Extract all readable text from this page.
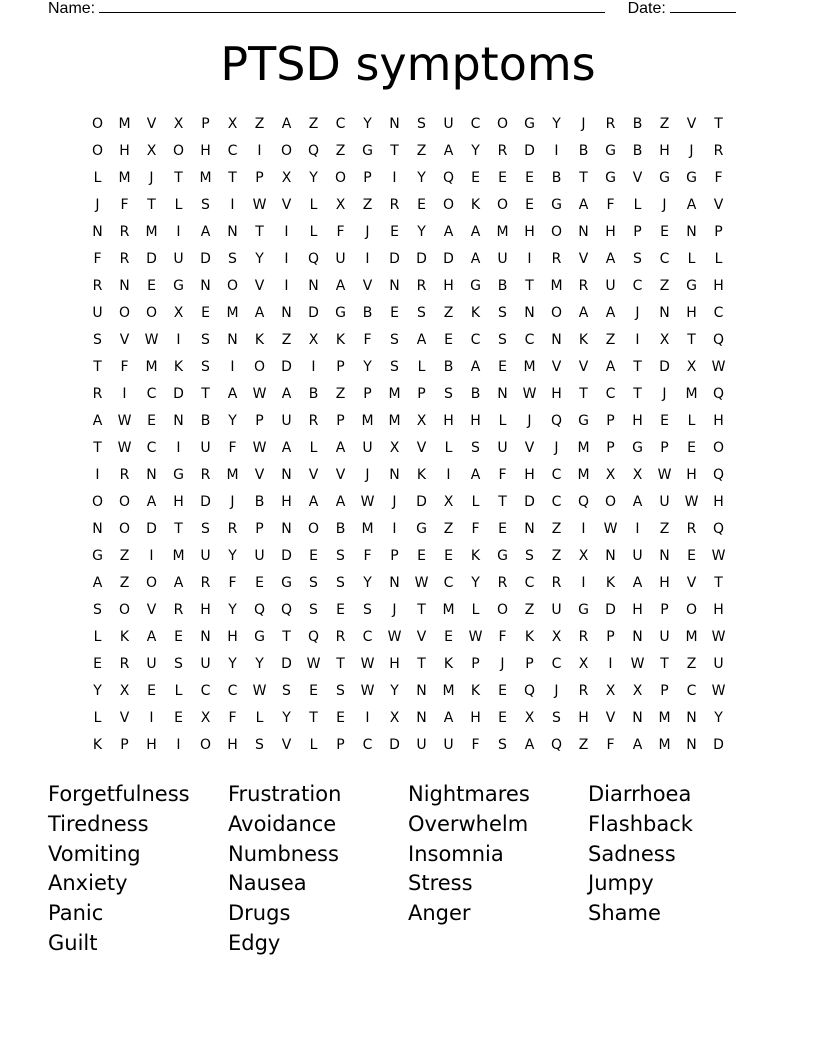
Name:	Date:
PTSD symptoms
O	M	V	X	P	X	Z	A	Z	C	Y	N	S	U	C	O	G	Y	J	R	B	Z	V	T
O	H	X	O	H	C	I	O	Q	Z	G	T	Z	A	Y	R	D	I	B	G	B	H	J	R
L	M	J	T	M	T	P	X	Y	O	P	I	Y	Q	E	E	E	B	T	G	V	G	G	F
J	F	T	L	S	I	W	V	L	X	Z	R	E	O	K	O	E	G	A	F	L	J	A	V
N	R	M	I	A	N	T	I	L	F	J	E	Y	A	A	M	H	O	N	H	P	E	N	P
F	R	D	U	D	S	Y	I	Q	U	I	D	D	D	A	U	I	R	V	A	S	C	L	L
R	N	E	G	N	O	V	I	N	A	V	N	R	H	G	B	T	M	R	U	C	Z	G	H
U	O	O	X	E	M	A	N	D	G	B	E	S	Z	K	S	N	O	A	A	J	N	H	C
S	V	W	I	S	N	K	Z	X	K	F	S	A	E	C	S	C	N	K	Z	I	X	T	Q
T	F	M	K	S	I	O	D	I	P	Y	S	L	B	A	E	M	V	V	A	T	D	X	W
R	I	C	D	T	A	W	A	B	Z	P	M	P	S	B	N	W	H	T	C	T	J	M	Q
A	W	E	N	B	Y	P	U	R	P	M	M	X	H	H	L	J	Q	G	P	H	E	L	H
T	W	C	I	U	F	W	A	L	A	U	X	V	L	S	U	V	J	M	P	G	P	E	O
I	R	N	G	R	M	V	N	V	V	J	N	K	I	A	F	H	C	M	X	X	W	H	Q
O	O	A	H	D	J	B	H	A	A	W	J	D	X	L	T	D	C	Q	O	A	U	W	H
N	O	D	T	S	R	P	N	O	B	M	I	G	Z	F	E	N	Z	I	W	I	Z	R	Q
G	Z	I	M	U	Y	U	D	E	S	F	P	E	E	K	G	S	Z	X	N	U	N	E	W
A	Z	O	A	R	F	E	G	S	S	Y	N	W	C	Y	R	C	R	I	K	A	H	V	T
S	O	V	R	H	Y	Q	Q	S	E	S	J	T	M	L	O	Z	U	G	D	H	P	O	H
L	K	A	E	N	H	G	T	Q	R	C	W	V	E	W	F	K	X	R	P	N	U	M	W
E	R	U	S	U	Y	Y	D	W	T	W	H	T	K	P	J	P	C	X	I	W	T	Z	U
Y	X	E	L	C	C	W	S	E	S	W	Y	N	M	K	E	Q	J	R	X	X	P	C	W
L	V	I	E	X	F	L	Y	T	E	I	X	N	A	H	E	X	S	H	V	N	M	N	Y
K	P	H	I	O	H	S	V	L	P	C	D	U	U	F	S	A	Q	Z	F	A	M	N	D
Forgetfulness	Frustration	Nightmares	Diarrhoea
Tiredness	Avoidance	Overwhelm	Flashback
Vomiting	Numbness	Insomnia	Sadness
Anxiety	Nausea	Stress	Jumpy
Panic	Drugs	Anger	Shame
Guilt	Edgy
